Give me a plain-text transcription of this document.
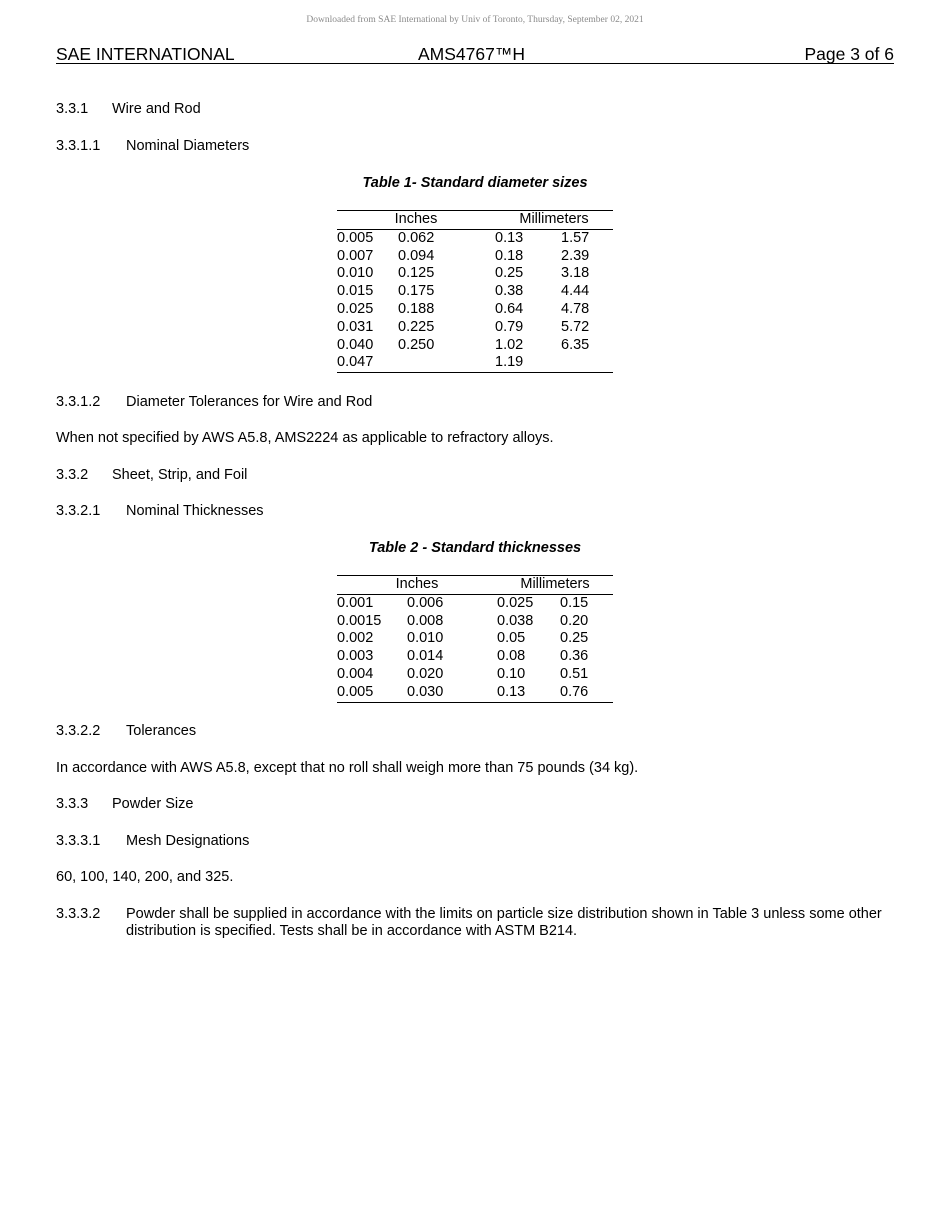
Downloaded from SAE International by Univ of Toronto, Thursday, September 02, 2021
SAE INTERNATIONAL	AMS4767™H	Page 3 of 6
3.3.1 Wire and Rod
3.3.1.1 Nominal Diameters
Table 1- Standard diameter sizes
Inches		Millimeters	
0.005	0.062	0.13	1.57
0.007	0.094	0.18	2.39
0.010	0.125	0.25	3.18
0.015	0.175	0.38	4.44
0.025	0.188	0.64	4.78
0.031	0.225	0.79	5.72
0.040	0.250	1.02	6.35
0.047		1.19	
3.3.1.2 Diameter Tolerances for Wire and Rod
When not specified by AWS A5.8, AMS2224 as applicable to refractory alloys.
3.3.2 Sheet, Strip, and Foil
3.3.2.1 Nominal Thicknesses
Table 2 - Standard thicknesses
Inches		Millimeters	
0.001	0.006	0.025	0.15
0.0015	0.008	0.038	0.20
0.002	0.010	0.05	0.25
0.003	0.014	0.08	0.36
0.004	0.020	0.10	0.51
0.005	0.030	0.13	0.76
3.3.2.2 Tolerances
In accordance with AWS A5.8, except that no roll shall weigh more than 75 pounds (34 kg).
3.3.3 Powder Size
3.3.3.1 Mesh Designations
60, 100, 140, 200, and 325.
3.3.3.2 Powder shall be supplied in accordance with the limits on particle size distribution shown in Table 3 unless some other distribution is specified. Tests shall be in accordance with ASTM B214.
